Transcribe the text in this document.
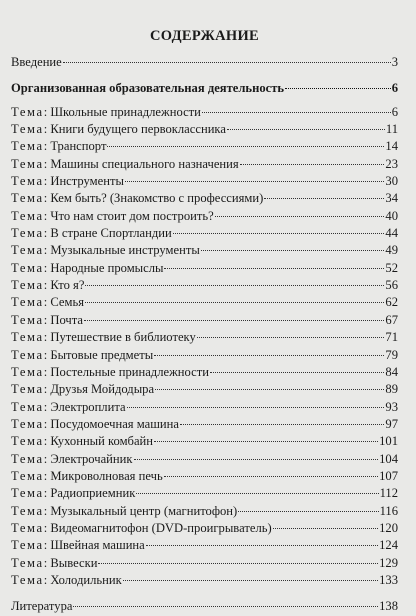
СОДЕРЖАНИЕ
Введение	3
Организованная образовательная деятельность	6
Тема: Школьные принадлежности	6
Тема: Книги будущего первоклассника	11
Тема: Транспорт	14
Тема: Машины специального назначения	23
Тема: Инструменты	30
Тема: Кем быть? (Знакомство с профессиями)	34
Тема: Что нам стоит дом построить?	40
Тема: В стране Спортландии	44
Тема: Музыкальные инструменты	49
Тема: Народные промыслы	52
Тема: Кто я?	56
Тема: Семья	62
Тема: Почта	67
Тема: Путешествие в библиотеку	71
Тема: Бытовые предметы	79
Тема: Постельные принадлежности	84
Тема: Друзья Мойдодыра	89
Тема: Электроплита	93
Тема: Посудомоечная машина	97
Тема: Кухонный комбайн	101
Тема: Электрочайник	104
Тема: Микроволновая печь	107
Тема: Радиоприемник	112
Тема: Музыкальный центр (магнитофон)	116
Тема: Видеомагнитофон (DVD-проигрыватель)	120
Тема: Швейная машина	124
Тема: Вывески	129
Тема: Холодильник	133
Литература	138
